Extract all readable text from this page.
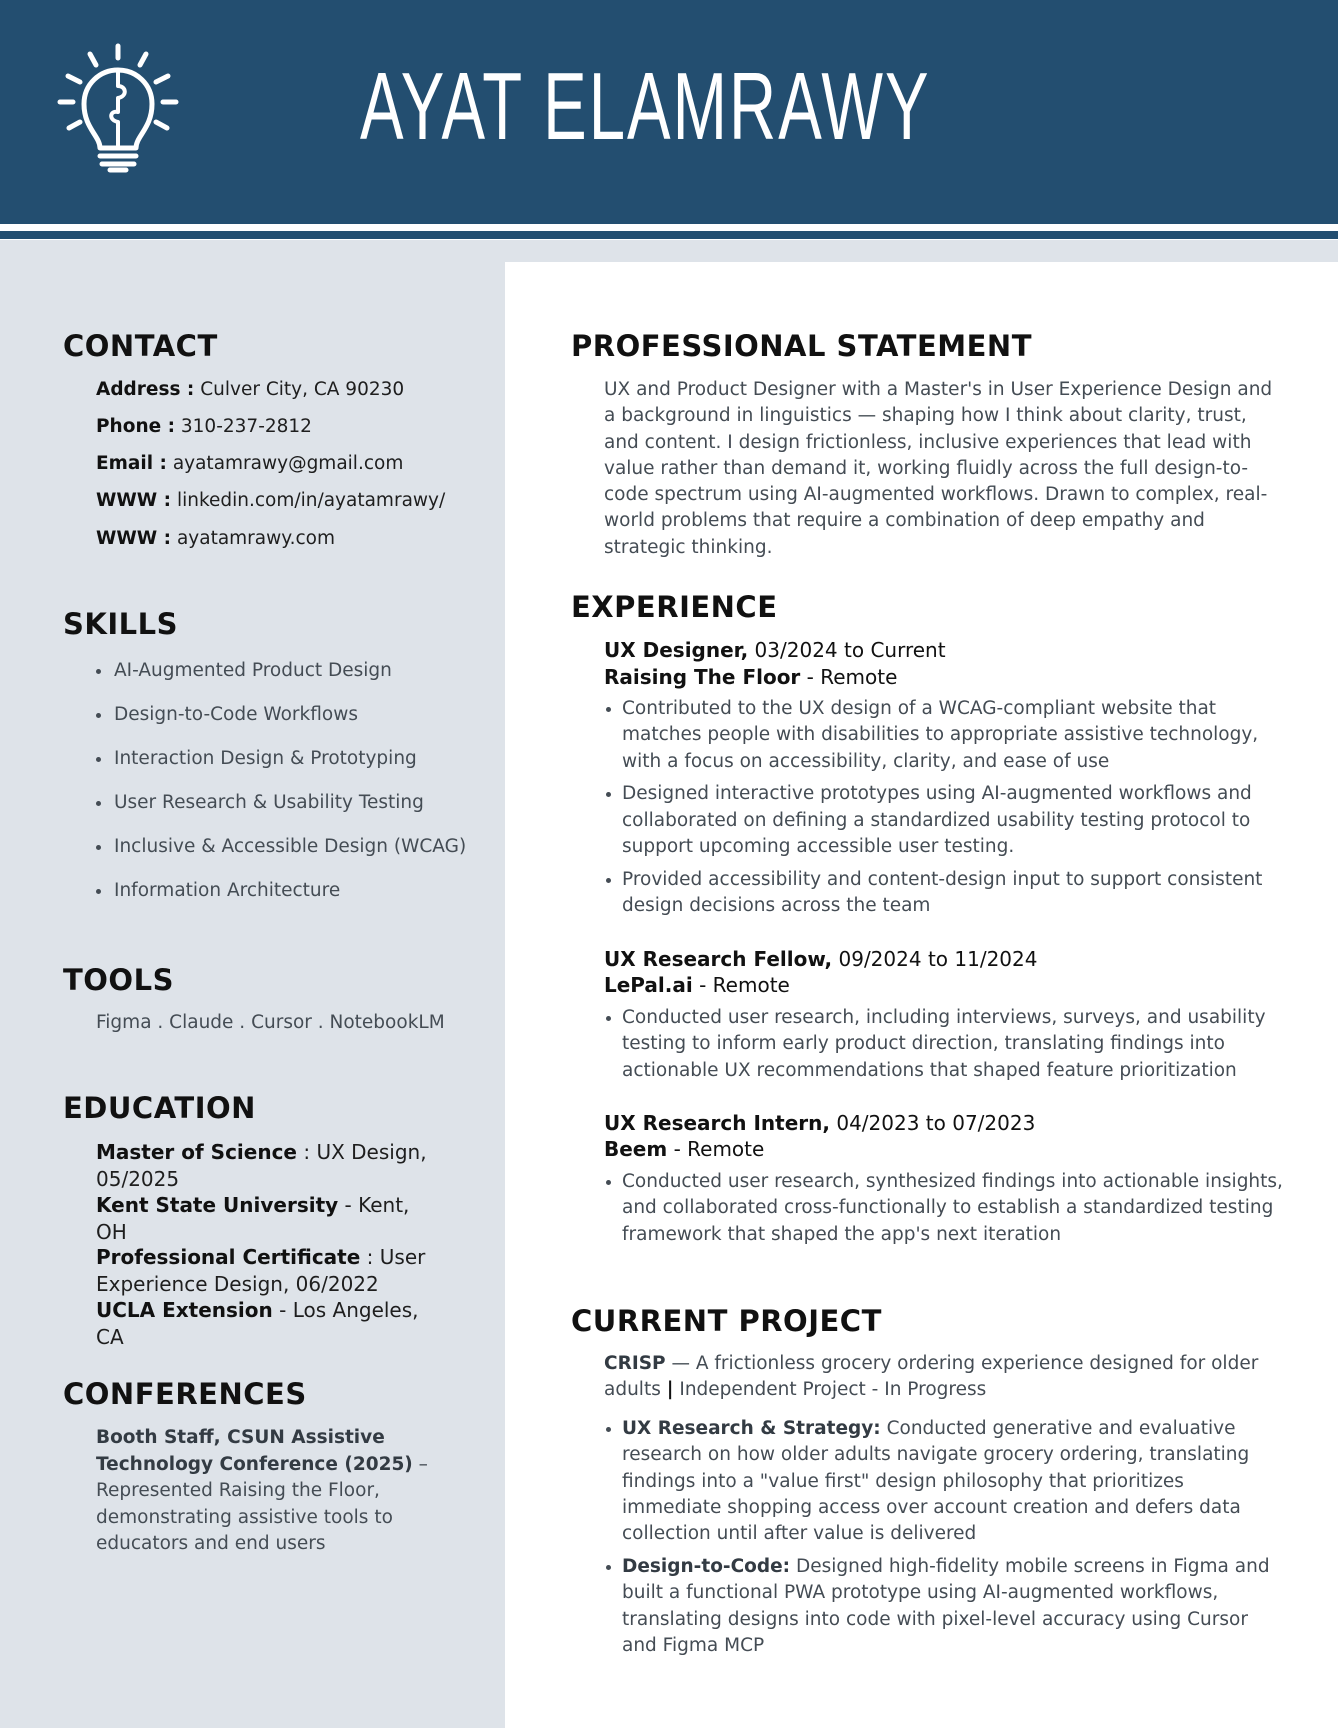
AYAT ELAMRAWY
CONTACT
Address : Culver City, CA 90230
Phone : 310-237-2812
Email : ayatamrawy@gmail.com
WWW : linkedin.com/in/ayatamrawy/
WWW : ayatamrawy.com
SKILLS
AI-Augmented Product Design
Design-to-Code Workflows
Interaction Design & Prototyping
User Research & Usability Testing
Inclusive & Accessible Design (WCAG)
Information Architecture
TOOLS
Figma . Claude . Cursor . NotebookLM
EDUCATION
Master of Science : UX Design, 05/2025
Kent State University - Kent, OH
Professional Certificate : User Experience Design, 06/2022
UCLA Extension - Los Angeles, CA
CONFERENCES
Booth Staff, CSUN Assistive Technology Conference (2025) – Represented Raising the Floor, demonstrating assistive tools to educators and end users
PROFESSIONAL STATEMENT
UX and Product Designer with a Master's in User Experience Design and a background in linguistics — shaping how I think about clarity, trust, and content. I design frictionless, inclusive experiences that lead with value rather than demand it, working fluidly across the full design-to-code spectrum using AI-augmented workflows. Drawn to complex, real-world problems that require a combination of deep empathy and strategic thinking.
EXPERIENCE
UX Designer, 03/2024 to Current
Raising The Floor - Remote
Contributed to the UX design of a WCAG-compliant website that matches people with disabilities to appropriate assistive technology, with a focus on accessibility, clarity, and ease of use
Designed interactive prototypes using AI-augmented workflows and collaborated on defining a standardized usability testing protocol to support upcoming accessible user testing.
Provided accessibility and content-design input to support consistent design decisions across the team
UX Research Fellow, 09/2024 to 11/2024
LePal.ai - Remote
Conducted user research, including interviews, surveys, and usability testing to inform early product direction, translating findings into actionable UX recommendations that shaped feature prioritization
UX Research Intern, 04/2023 to 07/2023
Beem - Remote
Conducted user research, synthesized findings into actionable insights, and collaborated cross-functionally to establish a standardized testing framework that shaped the app's next iteration
CURRENT PROJECT
CRISP — A frictionless grocery ordering experience designed for older adults | Independent Project - In Progress
UX Research & Strategy: Conducted generative and evaluative research on how older adults navigate grocery ordering, translating findings into a "value first" design philosophy that prioritizes immediate shopping access over account creation and defers data collection until after value is delivered
Design-to-Code: Designed high-fidelity mobile screens in Figma and built a functional PWA prototype using AI-augmented workflows, translating designs into code with pixel-level accuracy using Cursor and Figma MCP
